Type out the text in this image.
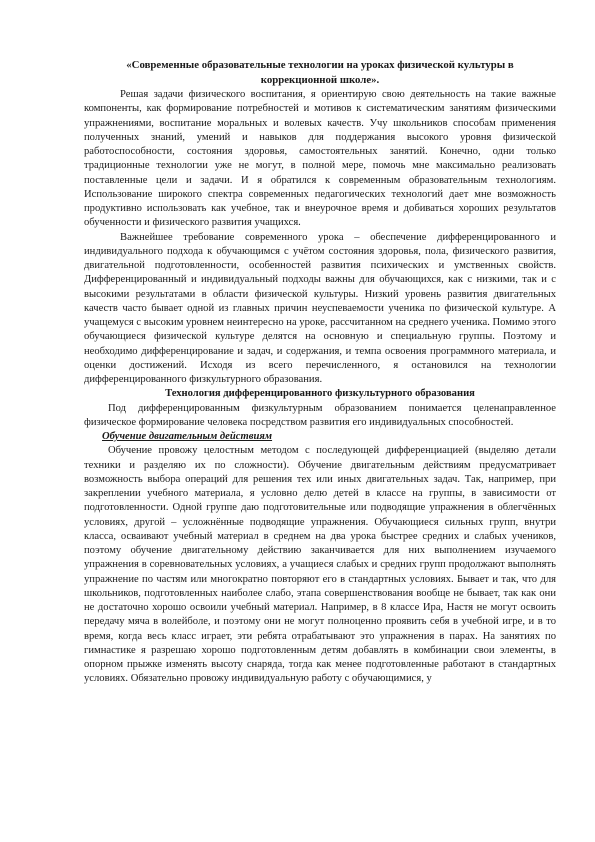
«Современные образовательные технологии на уроках физической культуры в коррекционной школе».

Решая задачи физического воспитания, я ориентирую свою деятельность на такие важные компоненты, как формирование потребностей и мотивов к систематическим занятиям физическими упражнениями, воспитание моральных и волевых качеств. Учу школьников способам применения полученных знаний, умений и навыков для поддержания высокого уровня физической работоспособности, состояния здоровья, самостоятельных занятий. Конечно, одни только традиционные технологии уже не могут, в полной мере, помочь мне максимально реализовать поставленные цели и задачи. И я обратился к современным образовательным технологиям. Использование широкого спектра современных педагогических технологий дает мне возможность продуктивно использовать как учебное, так и внеурочное время и добиваться хороших результатов обученности и физического развития учащихся.

Важнейшее требование современного урока – обеспечение дифференцированного и индивидуального подхода к обучающимся с учётом состояния здоровья, пола, физического развития, двигательной подготовленности, особенностей развития психических и умственных свойств. Дифференцированный и индивидуальный подходы важны для обучающихся, как с низкими, так и с высокими результатами в области физической культуры. Низкий уровень развития двигательных качеств часто бывает одной из главных причин неуспеваемости ученика по физической культуре. А учащемуся с высоким уровнем неинтересно на уроке, рассчитанном на среднего ученика. Помимо этого обучающиеся физической культуре делятся на основную и специальную группы. Поэтому и необходимо дифференцирование и задач, и содержания, и темпа освоения программного материала, и оценки достижений. Исходя из всего перечисленного, я остановился на технологии дифференцированного физкультурного образования.

Технология дифференцированного физкультурного образования

Под дифференцированным физкультурным образованием понимается целенаправленное физическое формирование человека посредством развития его индивидуальных способностей.

Обучение двигательным действиям

Обучение провожу целостным методом с последующей дифференциацией (выделяю детали техники и разделяю их по сложности). Обучение двигательным действиям предусматривает возможность выбора операций для решения тех или иных двигательных задач. Так, например, при закреплении учебного материала, я условно делю детей в классе на группы, в зависимости от подготовленности. Одной группе даю подготовительные или подводящие упражнения в облегчённых условиях, другой – усложнённые подводящие упражнения. Обучающиеся сильных групп, внутри класса, осваивают учебный материал в среднем на два урока быстрее средних и слабых учеников, поэтому обучение двигательному действию заканчивается для них выполнением изучаемого упражнения в соревновательных условиях, а учащиеся слабых и средних групп продолжают выполнять упражнение по частям или многократно повторяют его в стандартных условиях. Бывает и так, что для школьников, подготовленных наиболее слабо, этапа совершенствования вообще не бывает, так как они не достаточно хорошо освоили учебный материал. Например, в 8 классе Ира, Настя не могут освоить передачу мяча в волейболе, и поэтому они не могут полноценно проявить себя в учебной игре, и в то время, когда весь класс играет, эти ребята отрабатывают это упражнения в парах. На занятиях по гимнастике я разрешаю хорошо подготовленным детям добавлять в комбинации свои элементы, в опорном прыжке изменять высоту снаряда, тогда как менее подготовленные работают в стандартных условиях. Обязательно провожу индивидуальную работу с обучающимися, у
